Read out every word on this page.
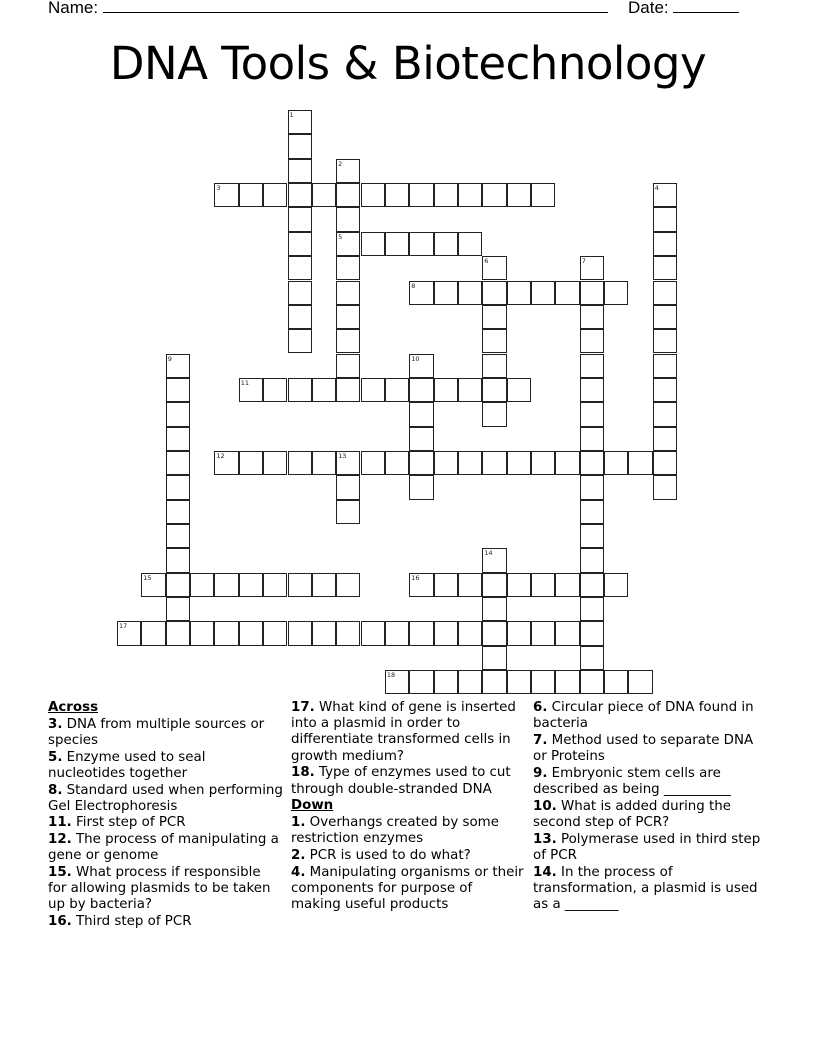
Name:	Date:
DNA Tools & Biotechnology
1
2
5
3	4
6	7
8
9	10
11
12	13
14
15	16
17
18

Across

3. DNA from multiple sources or species

5. Enzyme used to seal nucleotides together

8. Standard used when performing Gel Electrophoresis

11. First step of PCR

12. The process of manipulating a gene or genome

15. What process if responsible for allowing plasmids to be taken up by bacteria?

16. Third step of PCR

17. What kind of gene is inserted into a plasmid in order to differentiate transformed cells in growth medium?

18. Type of enzymes used to cut through double-stranded DNA

Down

1. Overhangs created by some restriction enzymes

2. PCR is used to do what?

4. Manipulating organisms or their components for purpose of making useful products

6. Circular piece of DNA found in bacteria

7. Method used to separate DNA or Proteins

9. Embryonic stem cells are described as being __________

10. What is added during the second step of PCR?

13. Polymerase used in third step of PCR

14. In the process of transformation, a plasmid is used as a ________
